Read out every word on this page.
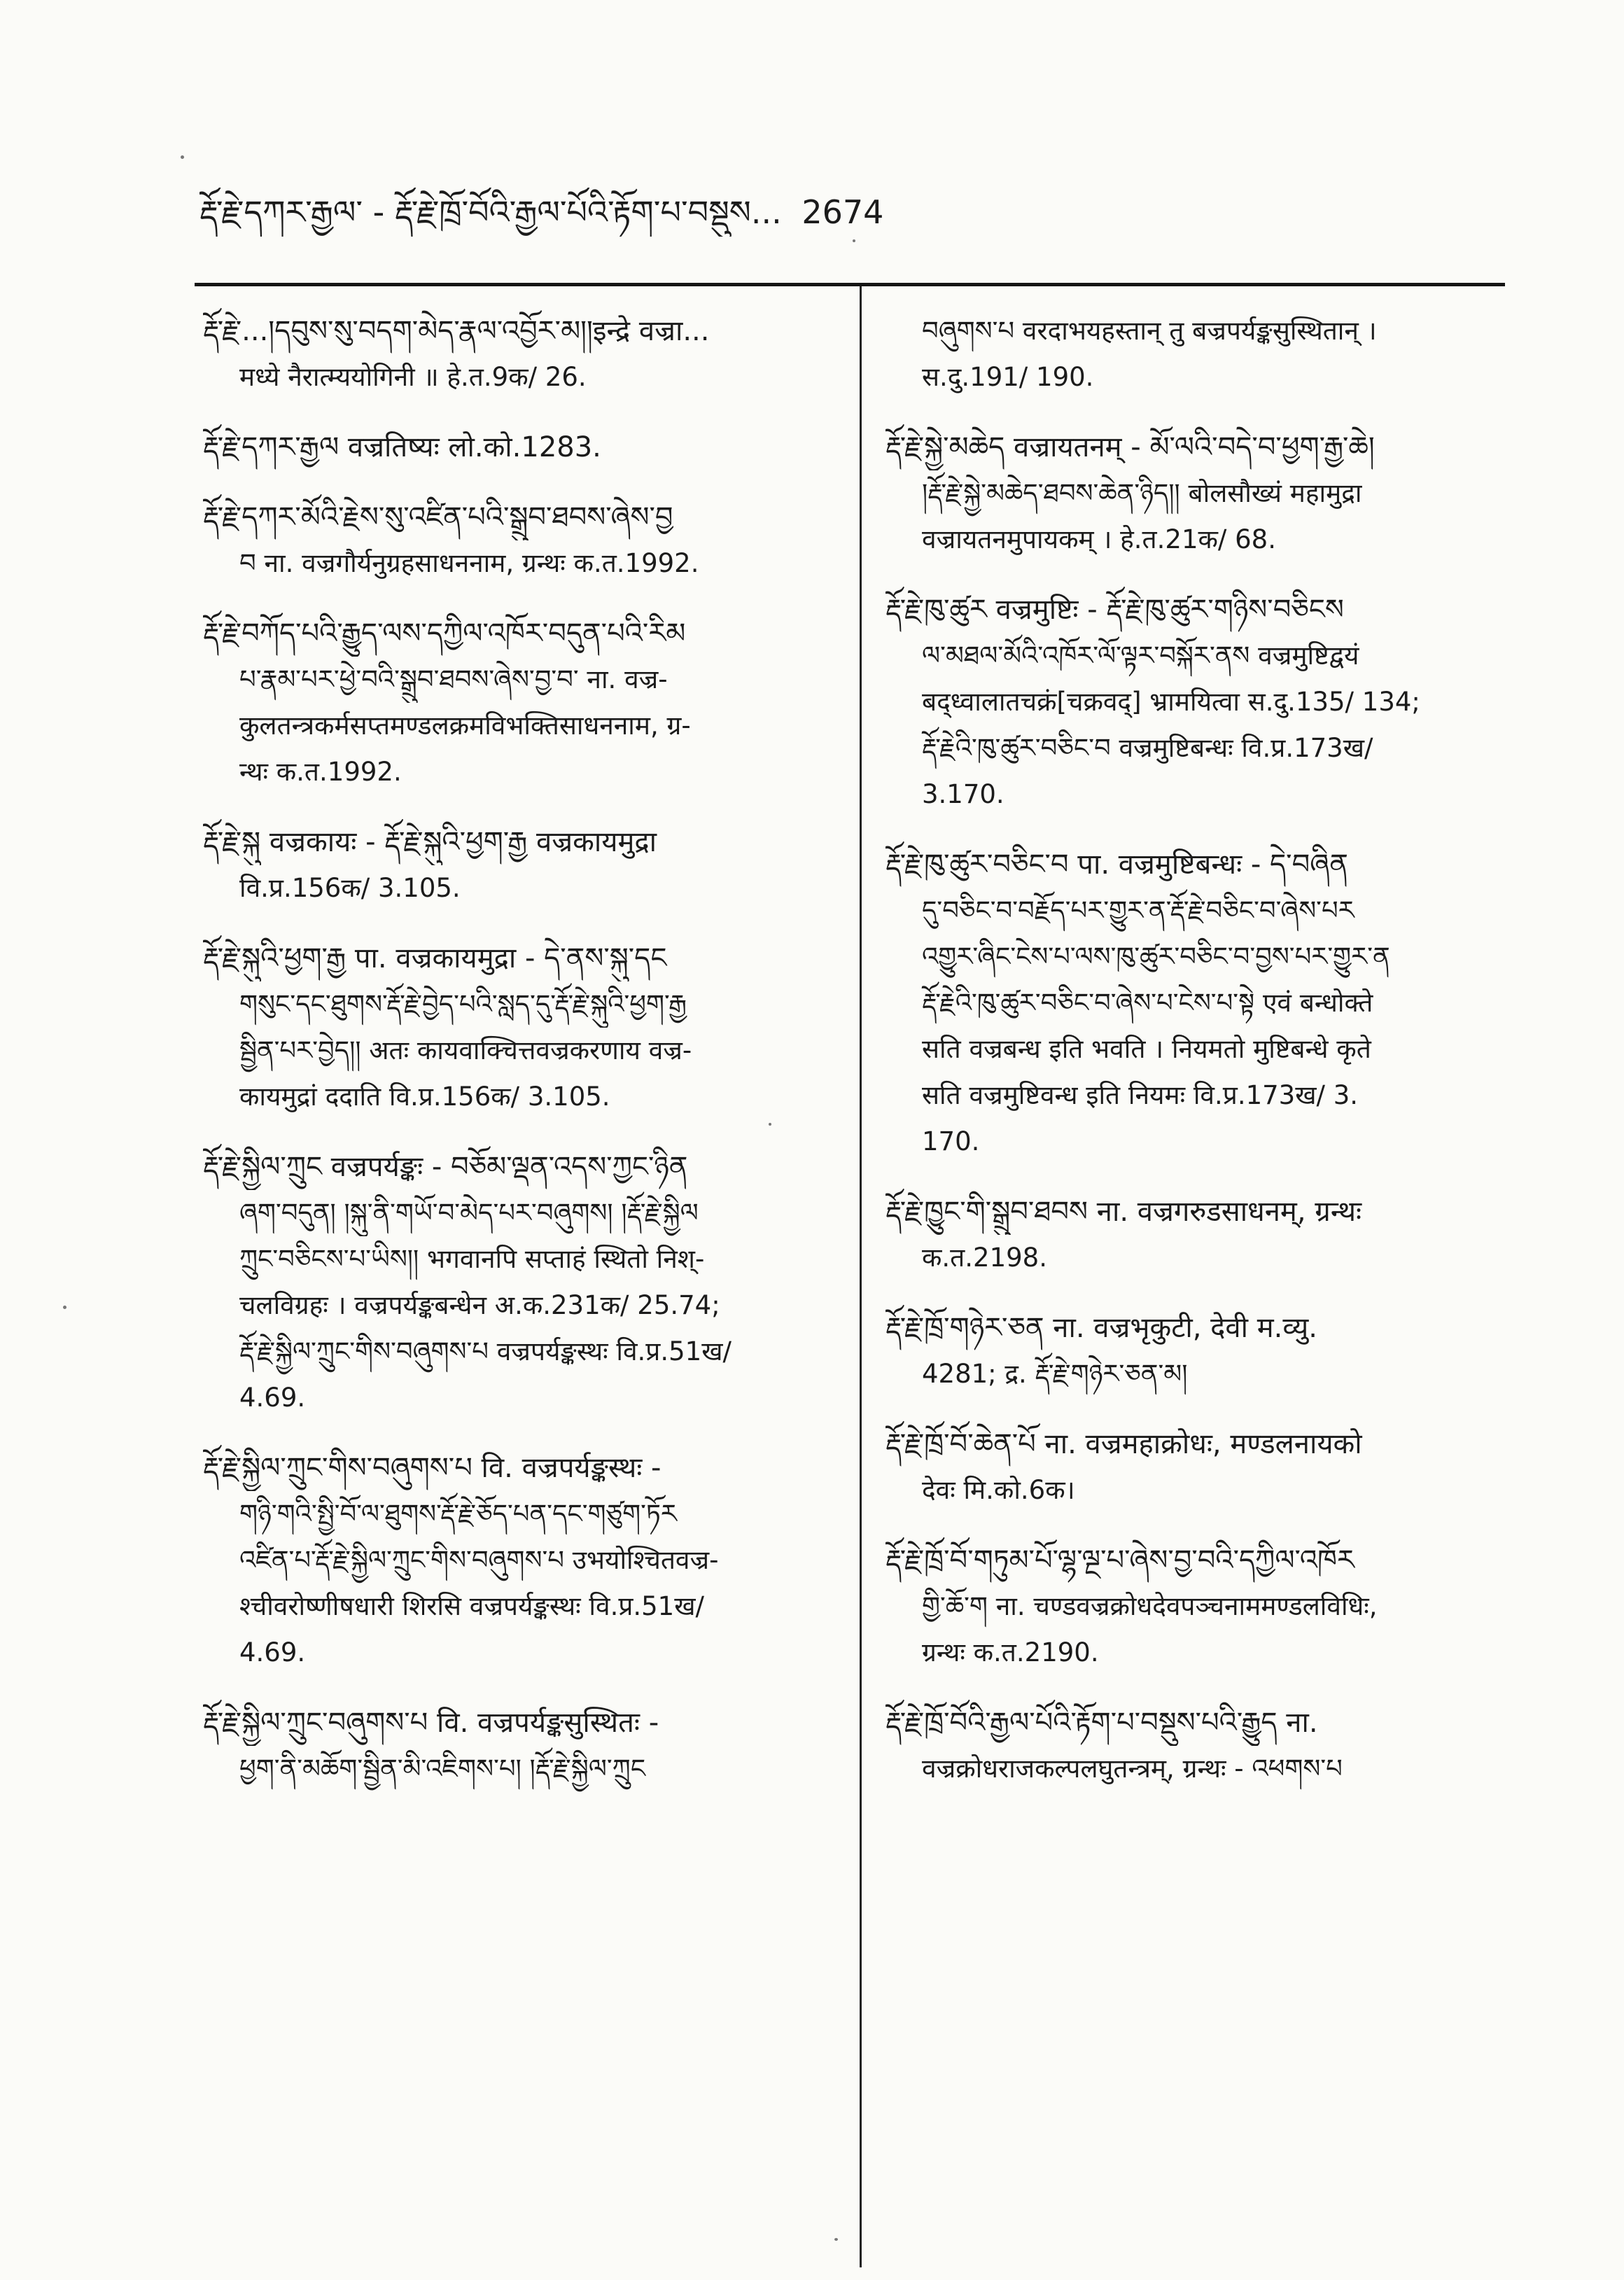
རྡོ་རྗེ་དཀར་རྒྱལ་ - རྡོ་རྗེ་ཁྲོ་བོའི་རྒྱལ་པོའི་རྟོག་པ་བསྡུས... 2674

རྡོ་རྗེ་...།དབུས་སུ་བདག་མེད་རྣལ་འབྱོར་མ།།इन्द्रे वज्रा...

मध्ये नैरात्म्ययोगिनी ॥ हे.त.9क/ 26.

རྡོ་རྗེ་དཀར་རྒྱལ वज्रतिष्यः लो.को.1283.

རྡོ་རྗེ་དཀར་མོའི་རྗེས་སུ་འཛིན་པའི་སྒྲུབ་ཐབས་ཞེས་བྱ

བ ना. वज्रगौर्यनुग्रहसाधननाम, ग्रन्थः क.त.1992.

རྡོ་རྗེ་བཀོད་པའི་རྒྱུད་ལས་དཀྱིལ་འཁོར་བདུན་པའི་རིམ

པ་རྣམ་པར་ཕྱེ་བའི་སྒྲུབ་ཐབས་ཞེས་བྱ་བ་ ना. वज्र-

कुलतन्त्रकर्मसप्तमण्डलक्रमविभक्तिसाधननाम, ग्र-

न्थः क.त.1992.

རྡོ་རྗེ་སྐུ वज्रकायः - རྡོ་རྗེ་སྐུའི་ཕྱག་རྒྱ वज्रकायमुद्रा

वि.प्र.156क/ 3.105.

རྡོ་རྗེ་སྐུའི་ཕྱག་རྒྱ पा. वज्रकायमुद्रा - དེ་ནས་སྐུ་དང

གསུང་དང་ཐུགས་རྡོ་རྗེ་བྱེད་པའི་སླད་དུ་རྡོ་རྗེ་སྐུའི་ཕྱག་རྒྱ

སྦྱིན་པར་བྱེད།། अतः कायवाक्चित्तवज्रकरणाय वज्र-

कायमुद्रां ददाति वि.प्र.156क/ 3.105.

རྡོ་རྗེ་སྐྱིལ་ཀྲུང वज्रपर्यङ्कः - བཅོམ་ལྡན་འདས་ཀྱང་ཉིན

ཞག་བདུན། །སྐུ་ནི་གཡོ་བ་མེད་པར་བཞུགས། །རྡོ་རྗེ་སྐྱིལ

ཀྲུང་བཅིངས་པ་ཡིས།། भगवानपि सप्ताहं स्थितो निश्-

चलविग्रहः । वज्रपर्यङ्कबन्धेन अ.क.231क/ 25.74;

རྡོ་རྗེ་སྐྱིལ་ཀྲུང་གིས་བཞུགས་པ वज्रपर्यङ्कस्थः वि.प्र.51ख/

4.69.

རྡོ་རྗེ་སྐྱིལ་ཀྲུང་གིས་བཞུགས་པ वि. वज्रपर्यङ्कस्थः -

གཉི་གའི་སྤྱི་བོ་ལ་ཐུགས་རྡོ་རྗེ་ཅོད་པན་དང་གཙུག་ཏོར

འཛིན་པ་རྡོ་རྗེ་སྐྱིལ་ཀྲུང་གིས་བཞུགས་པ उभयोश्चितवज्र-

श्चीवरोष्णीषधारी शिरसि वज्रपर्यङ्कस्थः वि.प्र.51ख/

4.69.

རྡོ་རྗེ་སྐྱིལ་ཀྲུང་བཞུགས་པ वि. वज्रपर्यङ्कसुस्थितः -

ཕྱག་ནི་མཆོག་སྦྱིན་མི་འཇིགས་པ། །རྡོ་རྗེ་སྐྱིལ་ཀྲུང

བཞུགས་པ वरदाभयहस्तान् तु बज्रपर्यङ्कसुस्थितान् ।

स.दु.191/ 190.

རྡོ་རྗེ་སྐྱེ་མཆེད वज्रायतनम् - མོ་ལའི་བདེ་བ་ཕྱག་རྒྱ་ཆེ།

།རྡོ་རྗེ་སྐྱེ་མཆེད་ཐབས་ཆེན་ཉིད།། बोलसौख्यं महामुद्रा

वज्रायतनमुपायकम् । हे.त.21क/ 68.

རྡོ་རྗེ་ཁུ་ཚུར वज्रमुष्टिः - རྡོ་རྗེ་ཁུ་ཚུར་གཉིས་བཅིངས

ལ་མཐལ་མོའི་འཁོར་ལོ་ལྟར་བསྐོར་ནས वज्रमुष्टिद्वयं

बद्ध्वालातचक्रं[चक्रवद्] भ्रामयित्वा स.दु.135/ 134;

རྡོ་རྗེའི་ཁུ་ཚུར་བཅིང་བ वज्रमुष्टिबन्धः वि.प्र.173ख/

3.170.

རྡོ་རྗེ་ཁུ་ཚུར་བཅིང་བ पा. वज्रमुष्टिबन्धः - དེ་བཞིན

དུ་བཅིང་བ་བརྗོད་པར་གྱུར་ན་རྡོ་རྗེ་བཅིང་བ་ཞེས་པར

འགྱུར་ཞིང་ངེས་པ་ལས་ཁུ་ཚུར་བཅིང་བ་བྱས་པར་གྱུར་ན

རྡོ་རྗེའི་ཁུ་ཚུར་བཅིང་བ་ཞེས་པ་ངེས་པ་སྟེ एवं बन्धोक्ते

सति वज्रबन्ध इति भवति । नियमतो मुष्टिबन्धे कृते

सति वज्रमुष्टिवन्ध इति नियमः वि.प्र.173ख/ 3.

170.

རྡོ་རྗེ་ཁྱུང་གི་སྒྲུབ་ཐབས ना. वज्रगरुडसाधनम्, ग्रन्थः

क.त.2198.

རྡོ་རྗེ་ཁྲོ་གཉེར་ཅན ना. वज्रभृकुटी, देवी म.व्यु.

4281; द्र. རྡོ་རྗེ་གཉེར་ཅན་མ།

རྡོ་རྗེ་ཁྲོ་བོ་ཆེན་པོ ना. वज्रमहाक्रोधः, मण्डलनायको

देवः मि.को.6क।

རྡོ་རྗེ་ཁྲོ་བོ་གཏུམ་པོ་ལྷ་ལྔ་པ་ཞེས་བྱ་བའི་དཀྱིལ་འཁོར

གྱི་ཆོ་ག ना. चण्डवज्रक्रोधदेवपञ्चनाममण्डलविधिः,

ग्रन्थः क.त.2190.

རྡོ་རྗེ་ཁྲོ་བོའི་རྒྱལ་པོའི་རྟོག་པ་བསྡུས་པའི་རྒྱུད ना.

वज्रक्रोधराजकल्पलघुतन्त्रम्, ग्रन्थः - འཕགས་པ
